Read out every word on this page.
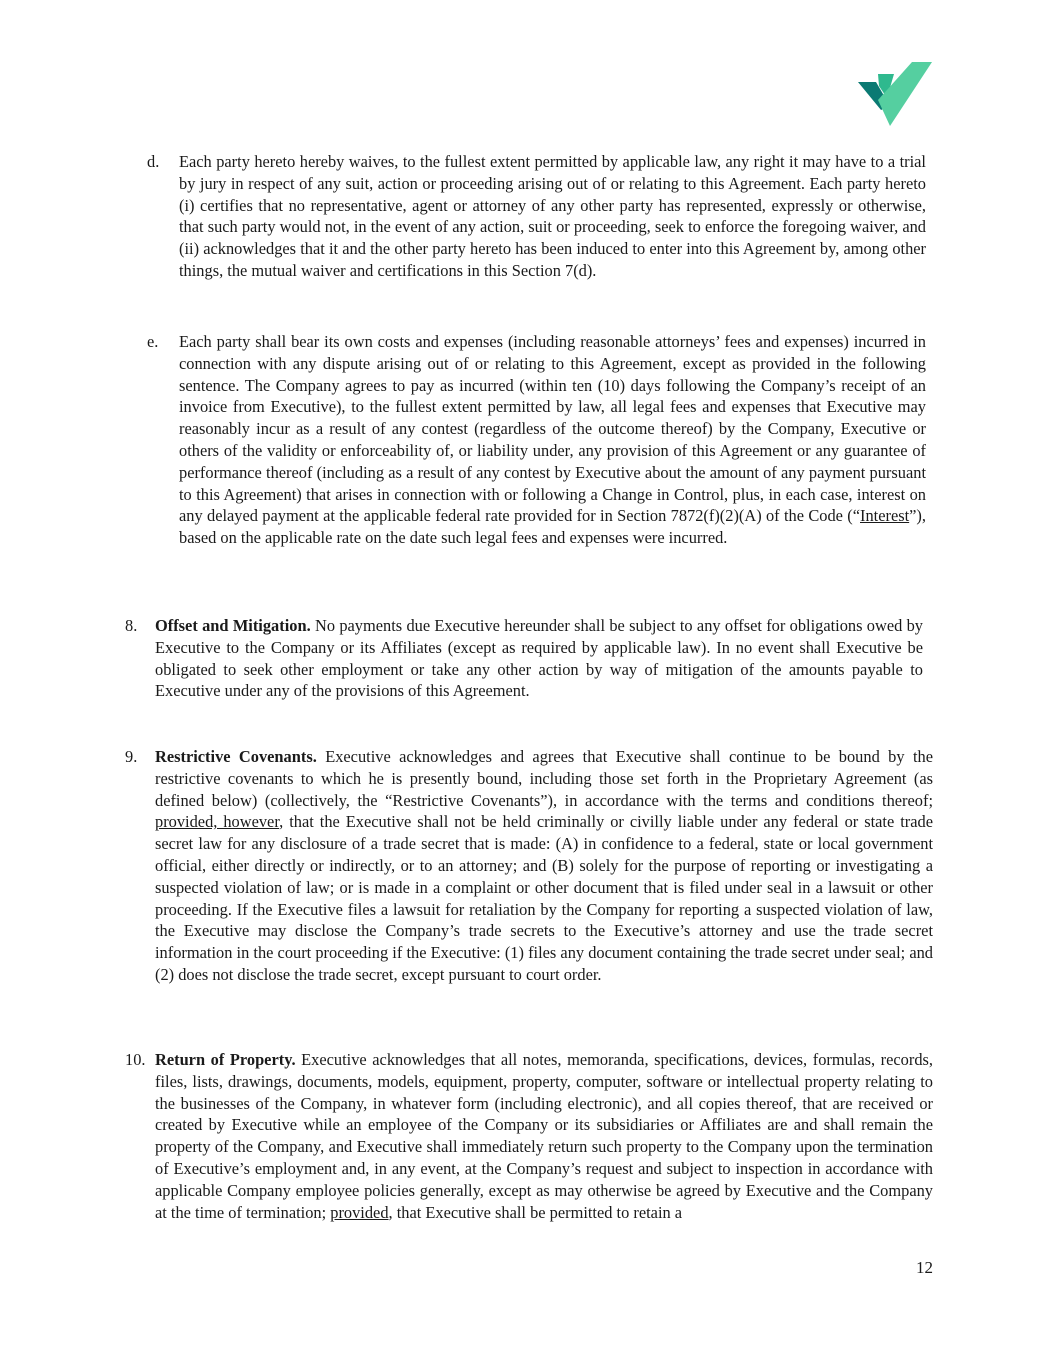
d. Each party hereto hereby waives, to the fullest extent permitted by applicable law, any right it may have to a trial by jury in respect of any suit, action or proceeding arising out of or relating to this Agreement. Each party hereto (i) certifies that no representative, agent or attorney of any other party has represented, expressly or otherwise, that such party would not, in the event of any action, suit or proceeding, seek to enforce the foregoing waiver, and (ii) acknowledges that it and the other party hereto has been induced to enter into this Agreement by, among other things, the mutual waiver and certifications in this Section 7(d).
e. Each party shall bear its own costs and expenses (including reasonable attorneys’ fees and expenses) incurred in connection with any dispute arising out of or relating to this Agreement, except as provided in the following sentence. The Company agrees to pay as incurred (within ten (10) days following the Company’s receipt of an invoice from Executive), to the fullest extent permitted by law, all legal fees and expenses that Executive may reasonably incur as a result of any contest (regardless of the outcome thereof) by the Company, Executive or others of the validity or enforceability of, or liability under, any provision of this Agreement or any guarantee of performance thereof (including as a result of any contest by Executive about the amount of any payment pursuant to this Agreement) that arises in connection with or following a Change in Control, plus, in each case, interest on any delayed payment at the applicable federal rate provided for in Section 7872(f)(2)(A) of the Code (“Interest”), based on the applicable rate on the date such legal fees and expenses were incurred.
8. Offset and Mitigation. No payments due Executive hereunder shall be subject to any offset for obligations owed by Executive to the Company or its Affiliates (except as required by applicable law). In no event shall Executive be obligated to seek other employment or take any other action by way of mitigation of the amounts payable to Executive under any of the provisions of this Agreement.
9. Restrictive Covenants. Executive acknowledges and agrees that Executive shall continue to be bound by the restrictive covenants to which he is presently bound, including those set forth in the Proprietary Agreement (as defined below) (collectively, the “Restrictive Covenants”), in accordance with the terms and conditions thereof; provided, however, that the Executive shall not be held criminally or civilly liable under any federal or state trade secret law for any disclosure of a trade secret that is made: (A) in confidence to a federal, state or local government official, either directly or indirectly, or to an attorney; and (B) solely for the purpose of reporting or investigating a suspected violation of law; or is made in a complaint or other document that is filed under seal in a lawsuit or other proceeding. If the Executive files a lawsuit for retaliation by the Company for reporting a suspected violation of law, the Executive may disclose the Company’s trade secrets to the Executive’s attorney and use the trade secret information in the court proceeding if the Executive: (1) files any document containing the trade secret under seal; and (2) does not disclose the trade secret, except pursuant to court order.
10. Return of Property. Executive acknowledges that all notes, memoranda, specifications, devices, formulas, records, files, lists, drawings, documents, models, equipment, property, computer, software or intellectual property relating to the businesses of the Company, in whatever form (including electronic), and all copies thereof, that are received or created by Executive while an employee of the Company or its subsidiaries or Affiliates are and shall remain the property of the Company, and Executive shall immediately return such property to the Company upon the termination of Executive’s employment and, in any event, at the Company’s request and subject to inspection in accordance with applicable Company employee policies generally, except as may otherwise be agreed by Executive and the Company at the time of termination; provided, that Executive shall be permitted to retain a
12
